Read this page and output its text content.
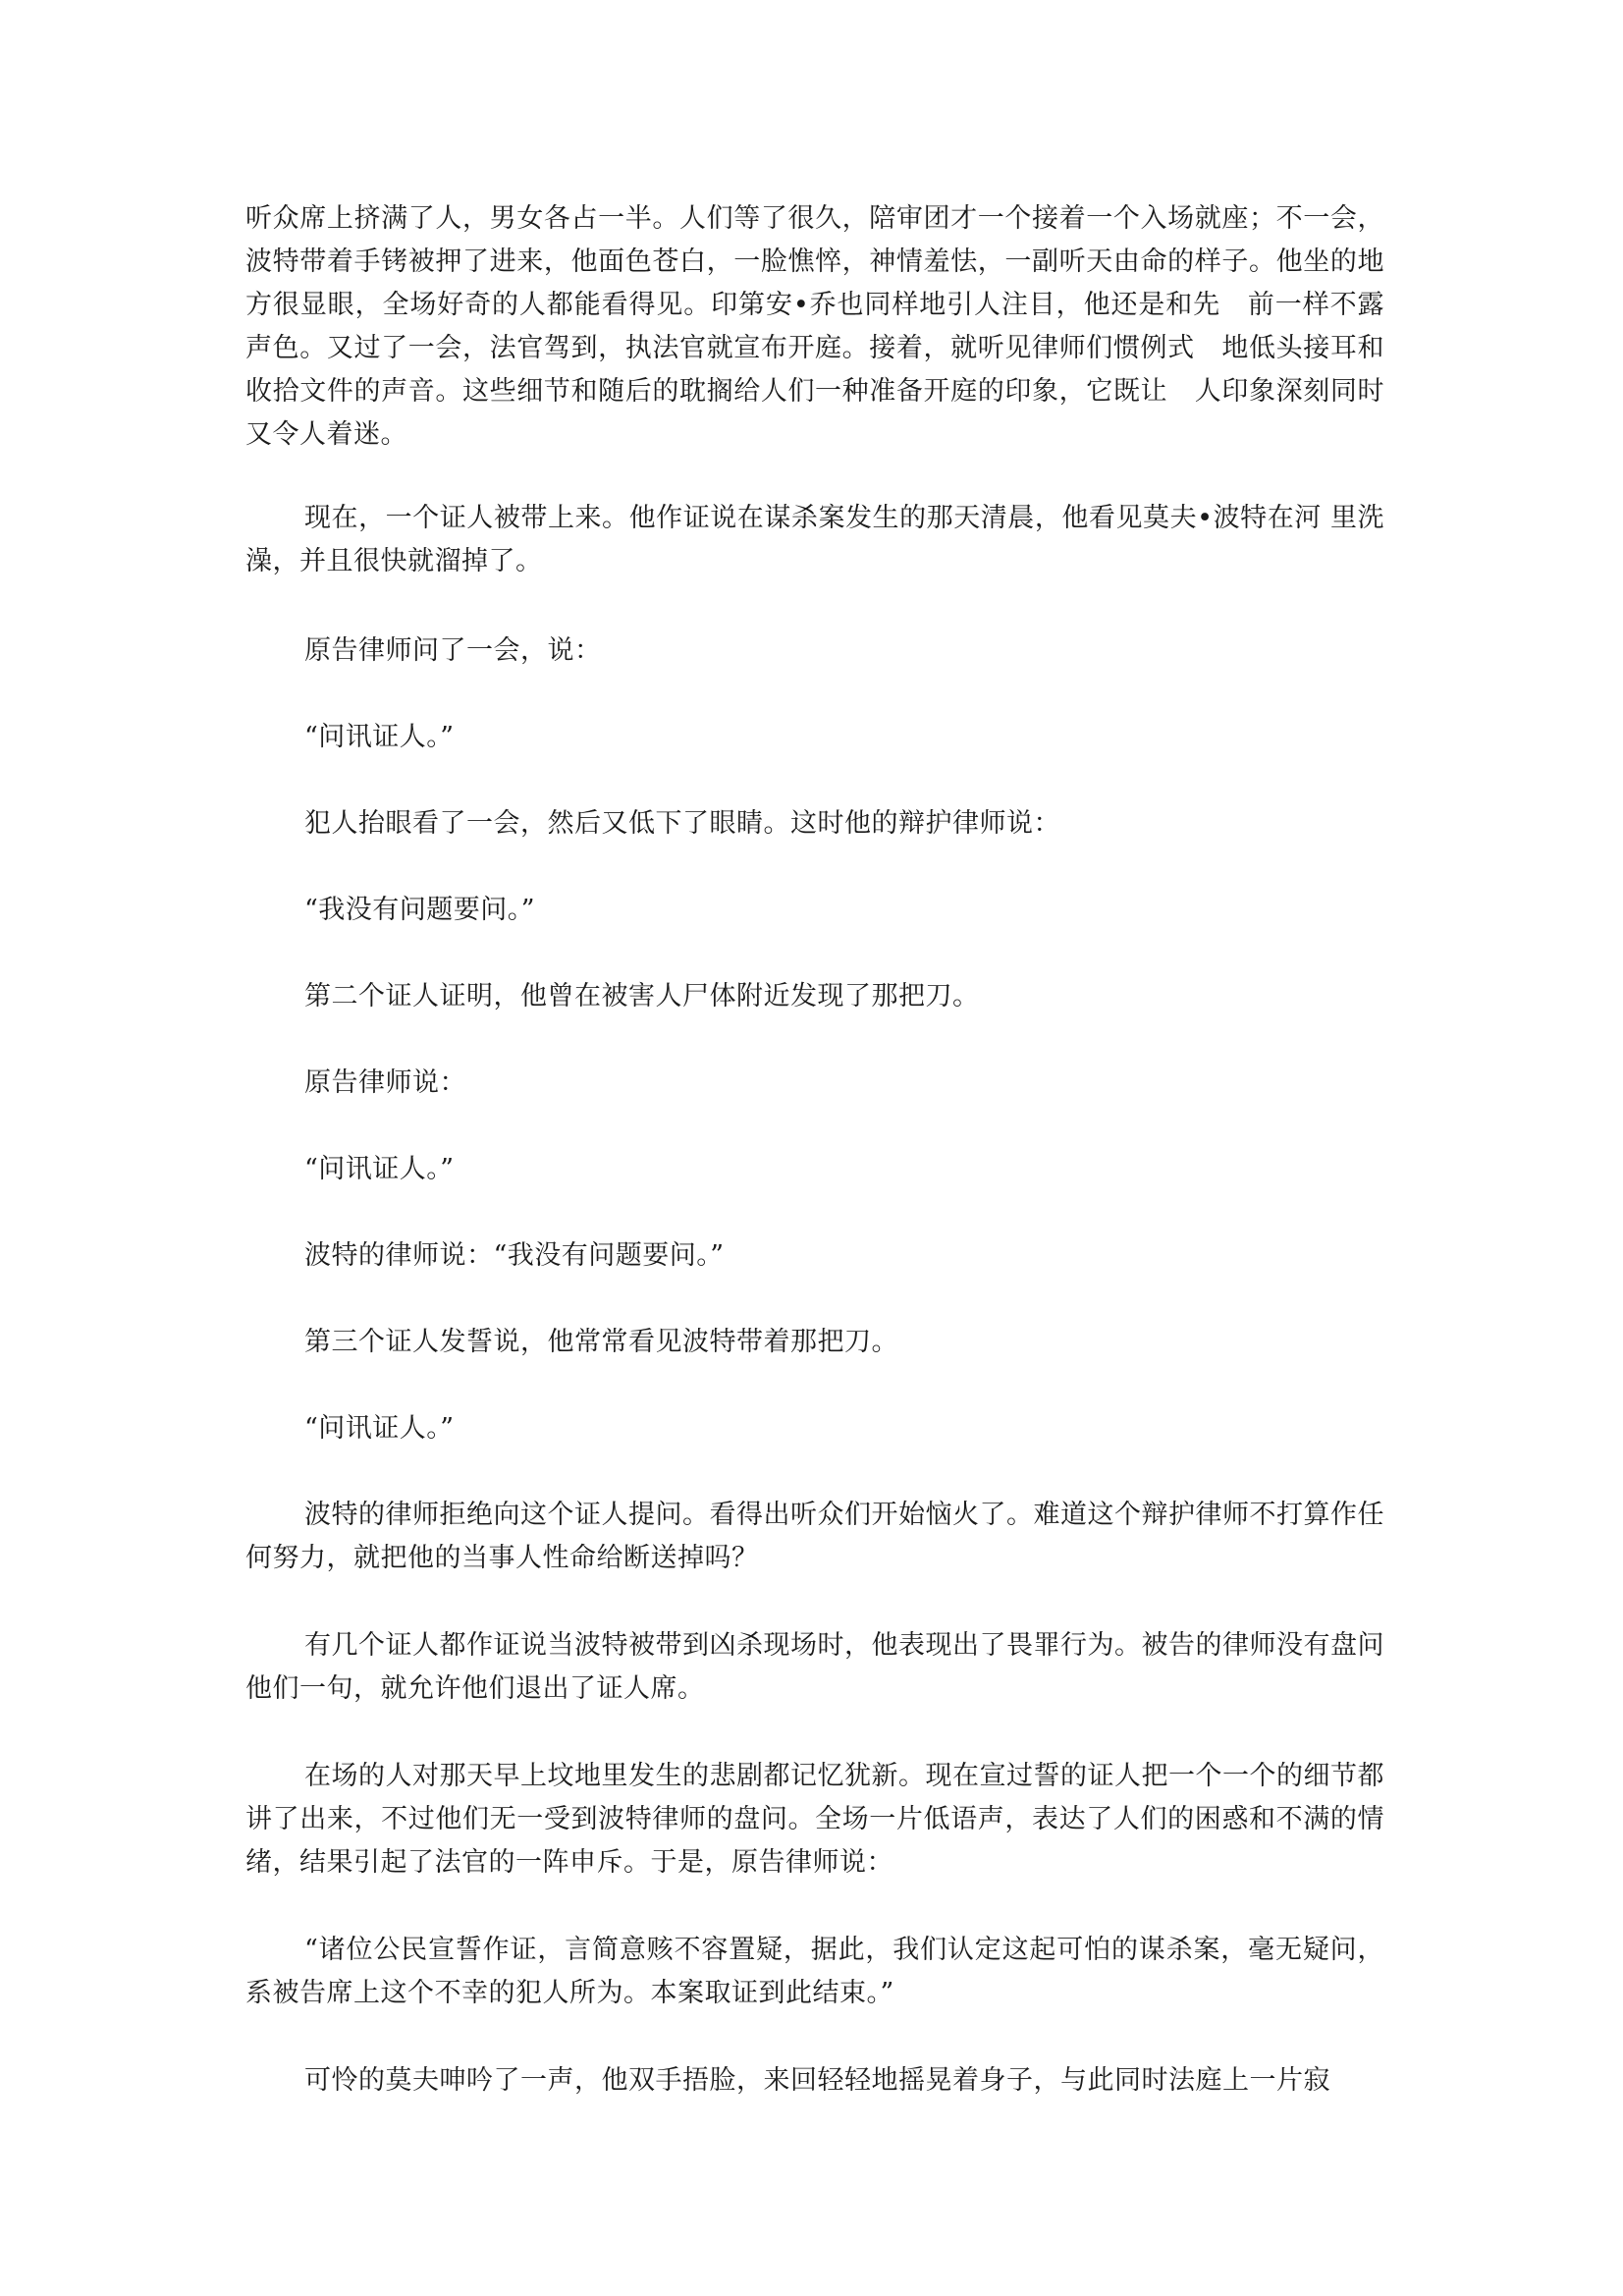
听众席上挤满了人，男女各占一半。人们等了很久，陪审团才一个接着一个入场就座；不一会，波特带着手铐被押了进来，他面色苍白，一脸憔悴，神情羞怯，一副听天由命的样子。他坐的地方很显眼，全场好奇的人都能看得见。印第安•乔也同样地引人注目，他还是和先　前一样不露声色。又过了一会，法官驾到，执法官就宣布开庭。接着，就听见律师们惯例式　地低头接耳和收拾文件的声音。这些细节和随后的耽搁给人们一种准备开庭的印象，它既让　人印象深刻同时又令人着迷。

现在，一个证人被带上来。他作证说在谋杀案发生的那天清晨，他看见莫夫•波特在河 里洗澡，并且很快就溜掉了。

原告律师问了一会，说：

“问讯证人。”

犯人抬眼看了一会，然后又低下了眼睛。这时他的辩护律师说：

“我没有问题要问。”

第二个证人证明，他曾在被害人尸体附近发现了那把刀。

原告律师说：

“问讯证人。”

波特的律师说：“我没有问题要问。”

第三个证人发誓说，他常常看见波特带着那把刀。

“问讯证人。”

波特的律师拒绝向这个证人提问。看得出听众们开始恼火了。难道这个辩护律师不打算作任何努力，就把他的当事人性命给断送掉吗？

有几个证人都作证说当波特被带到凶杀现场时，他表现出了畏罪行为。被告的律师没有盘问他们一句，就允许他们退出了证人席。

在场的人对那天早上坟地里发生的悲剧都记忆犹新。现在宣过誓的证人把一个一个的细节都讲了出来，不过他们无一受到波特律师的盘问。全场一片低语声，表达了人们的困惑和不满的情绪，结果引起了法官的一阵申斥。于是，原告律师说：

“诸位公民宣誓作证，言简意赅不容置疑，据此，我们认定这起可怕的谋杀案，毫无疑问，系被告席上这个不幸的犯人所为。本案取证到此结束。”

可怜的莫夫呻吟了一声，他双手捂脸，来回轻轻地摇晃着身子，与此同时法庭上一片寂
